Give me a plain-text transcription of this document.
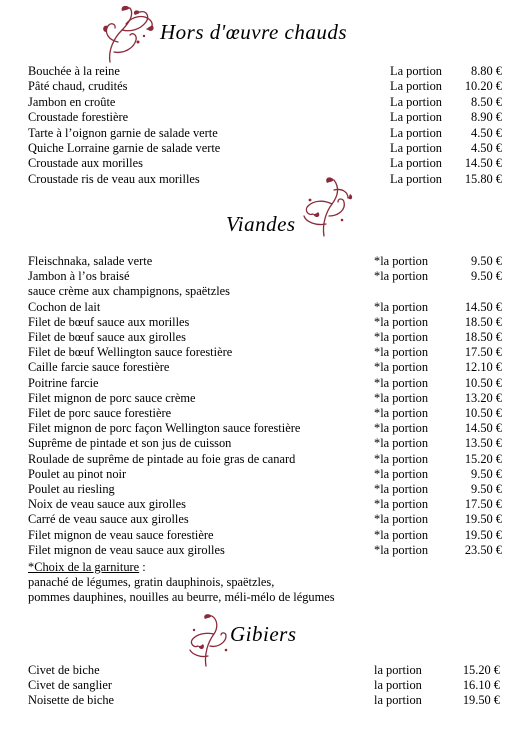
Hors d'œuvre chauds
Bouchée à la reine	La portion	8.80 €
Pâté chaud, crudités	La portion	10.20 €
Jambon en croûte	La portion	8.50 €
Croustade forestière	La portion	8.90 €
Tarte à l’oignon garnie de salade verte	La portion	4.50 €
Quiche Lorraine garnie de salade verte	La portion	4.50 €
Croustade aux morilles	La portion	14.50 €
Croustade ris de veau aux morilles	La portion	15.80 €
Viandes
Fleischnaka, salade verte	*la portion	9.50 €
Jambon à l’os braisé	*la portion	9.50 €
sauce crème aux champignons, spaëtzles
Cochon de lait	*la portion	14.50 €
Filet de bœuf sauce aux morilles	*la portion	18.50 €
Filet de bœuf sauce aux girolles	*la portion	18.50 €
Filet de bœuf Wellington sauce forestière	*la portion	17.50 €
Caille farcie sauce forestière	*la portion	12.10 €
Poitrine farcie	*la portion	10.50 €
Filet mignon de porc sauce crème	*la portion	13.20 €
Filet de porc sauce forestière	*la portion	10.50 €
Filet mignon de porc façon Wellington sauce forestière	*la portion	14.50 €
Suprême de pintade et son jus de cuisson	*la portion	13.50 €
Roulade de suprême de pintade au foie gras de canard	*la portion	15.20 €
Poulet au pinot noir	*la portion	9.50 €
Poulet au riesling	*la portion	9.50 €
Noix de veau sauce aux girolles	*la portion	17.50 €
Carré de veau sauce aux girolles	*la portion	19.50 €
Filet mignon de veau sauce forestière	*la portion	19.50 €
Filet mignon de veau sauce aux girolles	*la portion	23.50 €
*Choix de la garniture :
panaché de légumes, gratin dauphinois, spaëtzles,
pommes dauphines, nouilles au beurre, méli-mélo de légumes
Gibiers
Civet de biche	la portion	15.20 €
Civet de sanglier	la portion	16.10 €
Noisette de biche	la portion	19.50 €
